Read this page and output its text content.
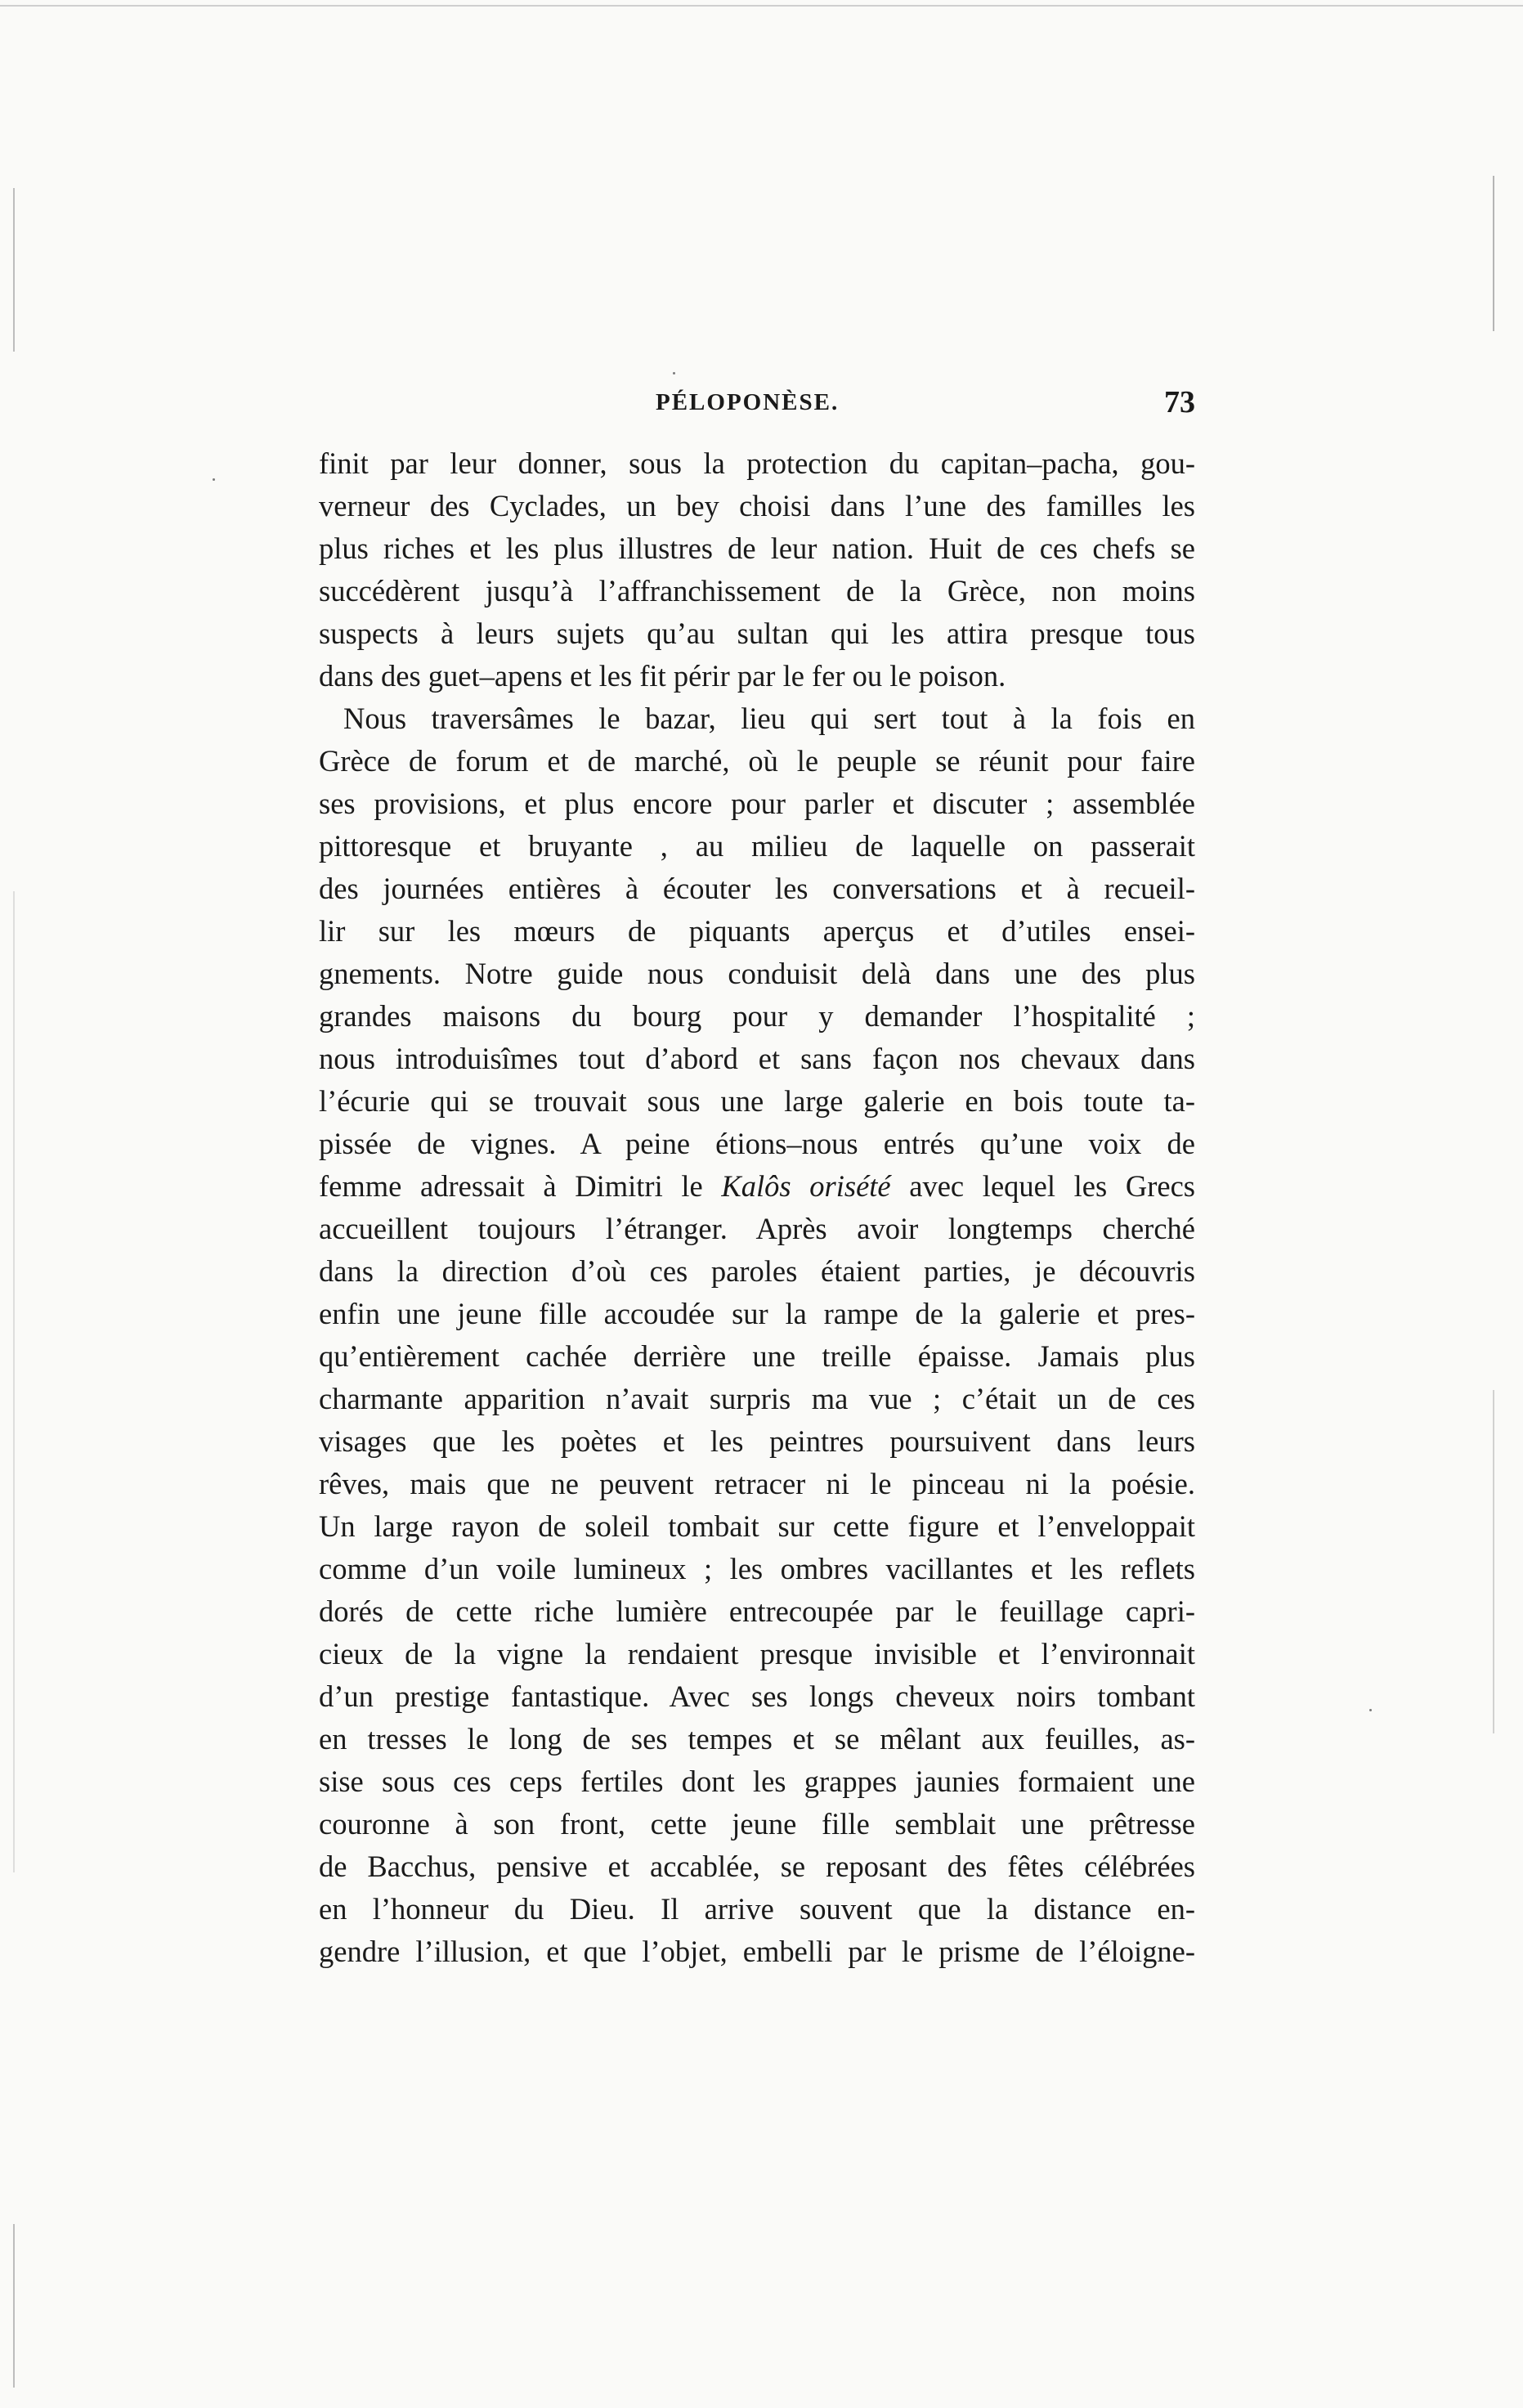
PÉLOPONÈSE.	73
finit par leur donner, sous la protection du capitan–pacha, gou-
verneur des Cyclades, un bey choisi dans l’une des familles les
plus riches et les plus illustres de leur nation. Huit de ces chefs se
succédèrent jusqu’à l’affranchissement de la Grèce, non moins
suspects à leurs sujets qu’au sultan qui les attira presque tous
dans des guet–apens et les fit périr par le fer ou le poison.
Nous traversâmes le bazar, lieu qui sert tout à la fois en
Grèce de forum et de marché, où le peuple se réunit pour faire
ses provisions, et plus encore pour parler et discuter ; assemblée
pittoresque et bruyante , au milieu de laquelle on passerait
des journées entières à écouter les conversations et à recueil-
lir sur les mœurs de piquants aperçus et d’utiles ensei-
gnements. Notre guide nous conduisit delà dans une des plus
grandes maisons du bourg pour y demander l’hospitalité ;
nous introduisîmes tout d’abord et sans façon nos chevaux dans
l’écurie qui se trouvait sous une large galerie en bois toute ta-
pissée de vignes. A peine étions–nous entrés qu’une voix de
femme adressait à Dimitri le Kalôs orisété avec lequel les Grecs
accueillent toujours l’étranger. Après avoir longtemps cherché
dans la direction d’où ces paroles étaient parties, je découvris
enfin une jeune fille accoudée sur la rampe de la galerie et pres-
qu’entièrement cachée derrière une treille épaisse. Jamais plus
charmante apparition n’avait surpris ma vue ; c’était un de ces
visages que les poètes et les peintres poursuivent dans leurs
rêves, mais que ne peuvent retracer ni le pinceau ni la poésie.
Un large rayon de soleil tombait sur cette figure et l’enveloppait
comme d’un voile lumineux ; les ombres vacillantes et les reflets
dorés de cette riche lumière entrecoupée par le feuillage capri-
cieux de la vigne la rendaient presque invisible et l’environnait
d’un prestige fantastique. Avec ses longs cheveux noirs tombant
en tresses le long de ses tempes et se mêlant aux feuilles, as-
sise sous ces ceps fertiles dont les grappes jaunies formaient une
couronne à son front, cette jeune fille semblait une prêtresse
de Bacchus, pensive et accablée, se reposant des fêtes célébrées
en l’honneur du Dieu. Il arrive souvent que la distance en-
gendre l’illusion, et que l’objet, embelli par le prisme de l’éloigne-
